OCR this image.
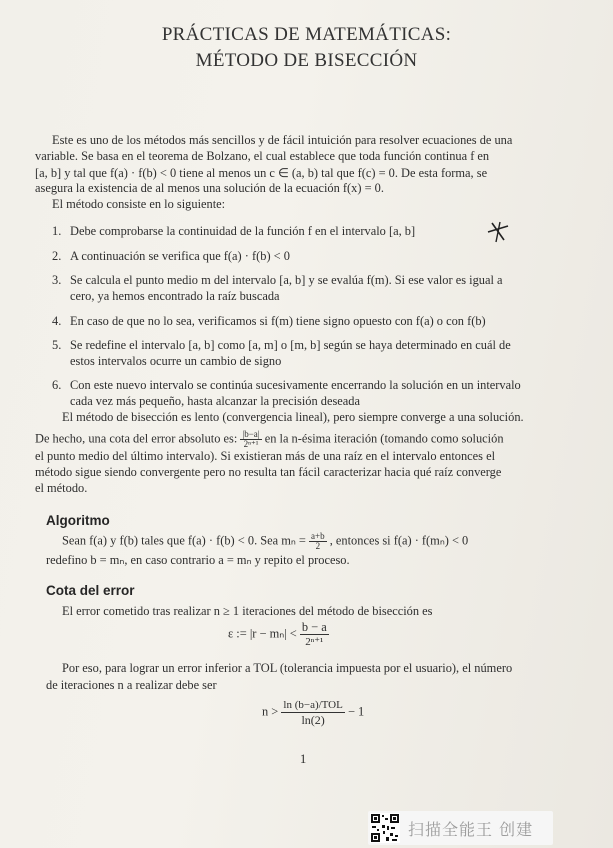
PRÁCTICAS DE MATEMÁTICAS:
MÉTODO DE BISECCIÓN
Este es uno de los métodos más sencillos y de fácil intuición para resolver ecuaciones de una
variable. Se basa en el teorema de Bolzano, el cual establece que toda función continua f en
[a, b] y tal que f(a) · f(b) < 0 tiene al menos un c ∈ (a, b) tal que f(c) = 0. De esta forma, se
asegura la existencia de al menos una solución de la ecuación f(x) = 0.
El método consiste en lo siguiente:
1. Debe comprobarse la continuidad de la función f en el intervalo [a, b]
2. A continuación se verifica que f(a) · f(b) < 0
3. Se calcula el punto medio m del intervalo [a, b] y se evalúa f(m). Si ese valor es igual a
cero, ya hemos encontrado la raíz buscada
4. En caso de que no lo sea, verificamos si f(m) tiene signo opuesto con f(a) o con f(b)
5. Se redefine el intervalo [a, b] como [a, m] o [m, b] según se haya determinado en cuál de
estos intervalos ocurre un cambio de signo
6. Con este nuevo intervalo se continúa sucesivamente encerrando la solución en un intervalo
cada vez más pequeño, hasta alcanzar la precisión deseada
El método de bisección es lento (convergencia lineal), pero siempre converge a una solución.
De hecho, una cota del error absoluto es: $\frac{|b-a|}{\text{2ⁿ⁺¹}}$ en la n-ésima iteración (tomando como solución
el punto medio del último intervalo). Si existieran más de una raíz en el intervalo entonces el
método sigue siendo convergente pero no resulta tan fácil caracterizar hacia qué raíz converge
el método.
Algoritmo
Sean f(a) y f(b) tales que f(a) · f(b) < 0. Sea $m_n = \frac{a+b}{2}$ , entonces si f(a) · f(mₙ) < 0
redefino b = mₙ, en caso contrario a = mₙ y repito el proceso.
Cota del error
El error cometido tras realizar n ≥ 1 iteraciones del método de bisección es
ε := $|r - m_n| < \frac{b - a}{\text{2ⁿ⁺¹}}$
Por eso, para lograr un error inferior a TOL (tolerancia impuesta por el usuario), el número
de iteraciones n a realizar debe ser
$n > \frac{\text{ln (b−a)/TOL}}{\ln(2)} - 1$
1
扫描全能王 创建
